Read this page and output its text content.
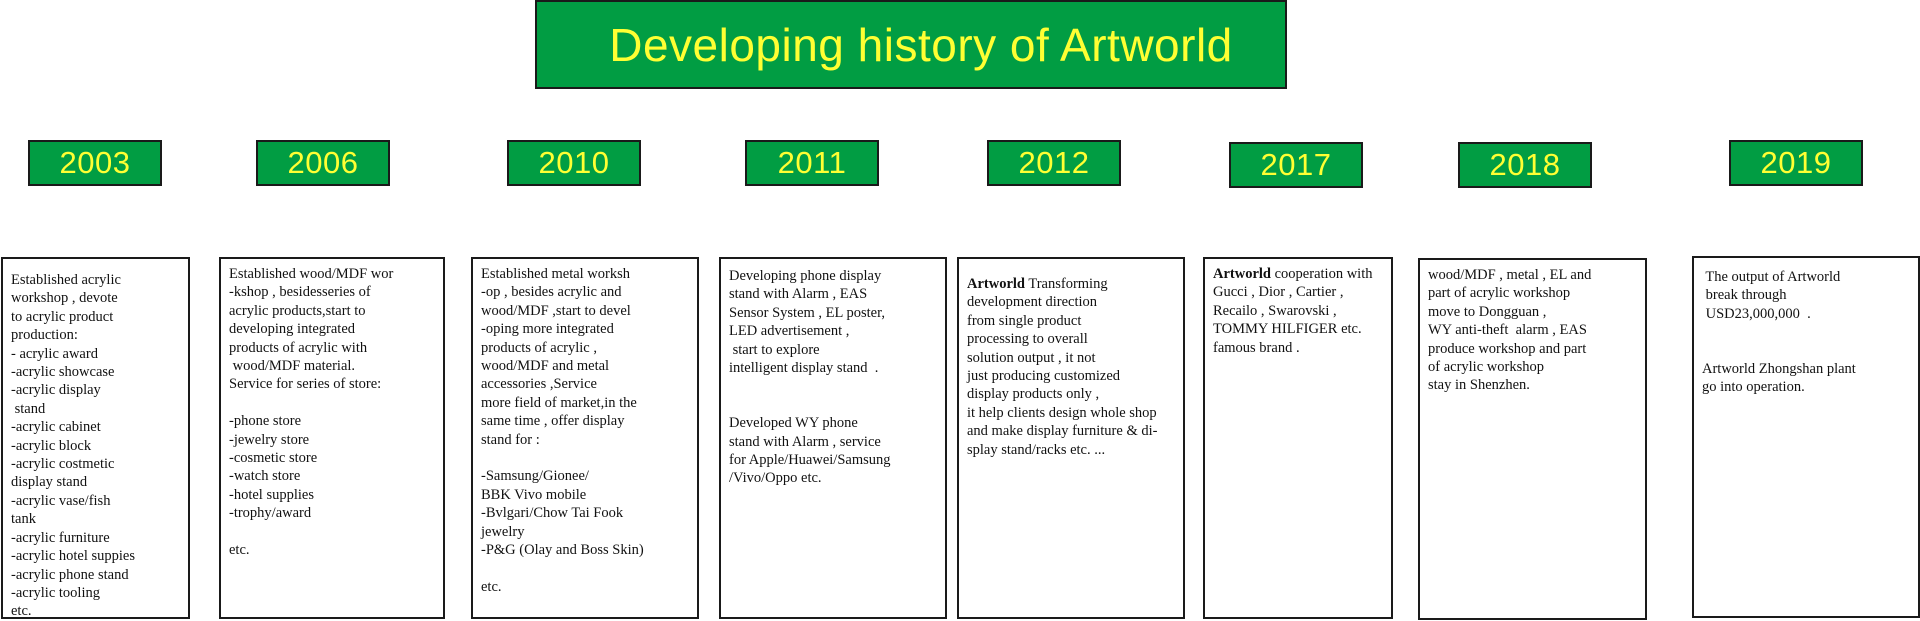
Developing history of Artworld
2003
Established acrylic
workshop , devote
to acrylic product
production:
- acrylic award
-acrylic showcase
-acrylic display
stand
-acrylic cabinet
-acrylic block
-acrylic costmetic
display stand
-acrylic vase/fish
tank
-acrylic furniture
-acrylic hotel suppies
-acrylic phone stand
-acrylic tooling
etc.
2006
Established wood/MDF wor
-kshop , besidesseries of
acrylic products,start to
developing integrated
products of acrylic with
wood/MDF material.
Service for series of store:
-phone store
-jewelry store
-cosmetic store
-watch store
-hotel supplies
-trophy/award
etc.
2010
Established metal worksh
-op , besides acrylic and
wood/MDF ,start to devel
-oping more integrated
products of acrylic ,
wood/MDF and metal
accessories ,Service
more field of market,in the
same time , offer display
stand for :
-Samsung/Gionee/
BBK Vivo mobile
-Bvlgari/Chow Tai Fook
jewelry
-P&G (Olay and Boss Skin)
etc.
2011
Developing phone display
stand with Alarm , EAS
Sensor System , EL poster,
LED advertisement ,
start to explore
intelligent display stand  .
Developed WY phone
stand with Alarm , service
for Apple/Huawei/Samsung
/Vivo/Oppo etc.
2012
Artworld Transforming
development direction
from single product
processing to overall
solution output , it not
just producing customized
display products only ,
it help clients design whole shop
and make display furniture & di-
splay stand/racks etc. ...
2017
Artworld cooperation with
Gucci , Dior , Cartier ,
Recailo , Swarovski ,
TOMMY HILFIGER etc.
famous brand .
2018
wood/MDF , metal , EL and
part of acrylic workshop
move to Dongguan ,
WY anti-theft  alarm , EAS
produce workshop and part
of acrylic workshop
stay in Shenzhen.
2019
The output of Artworld
break through
USD23,000,000  .
Artworld Zhongshan plant
go into operation.
